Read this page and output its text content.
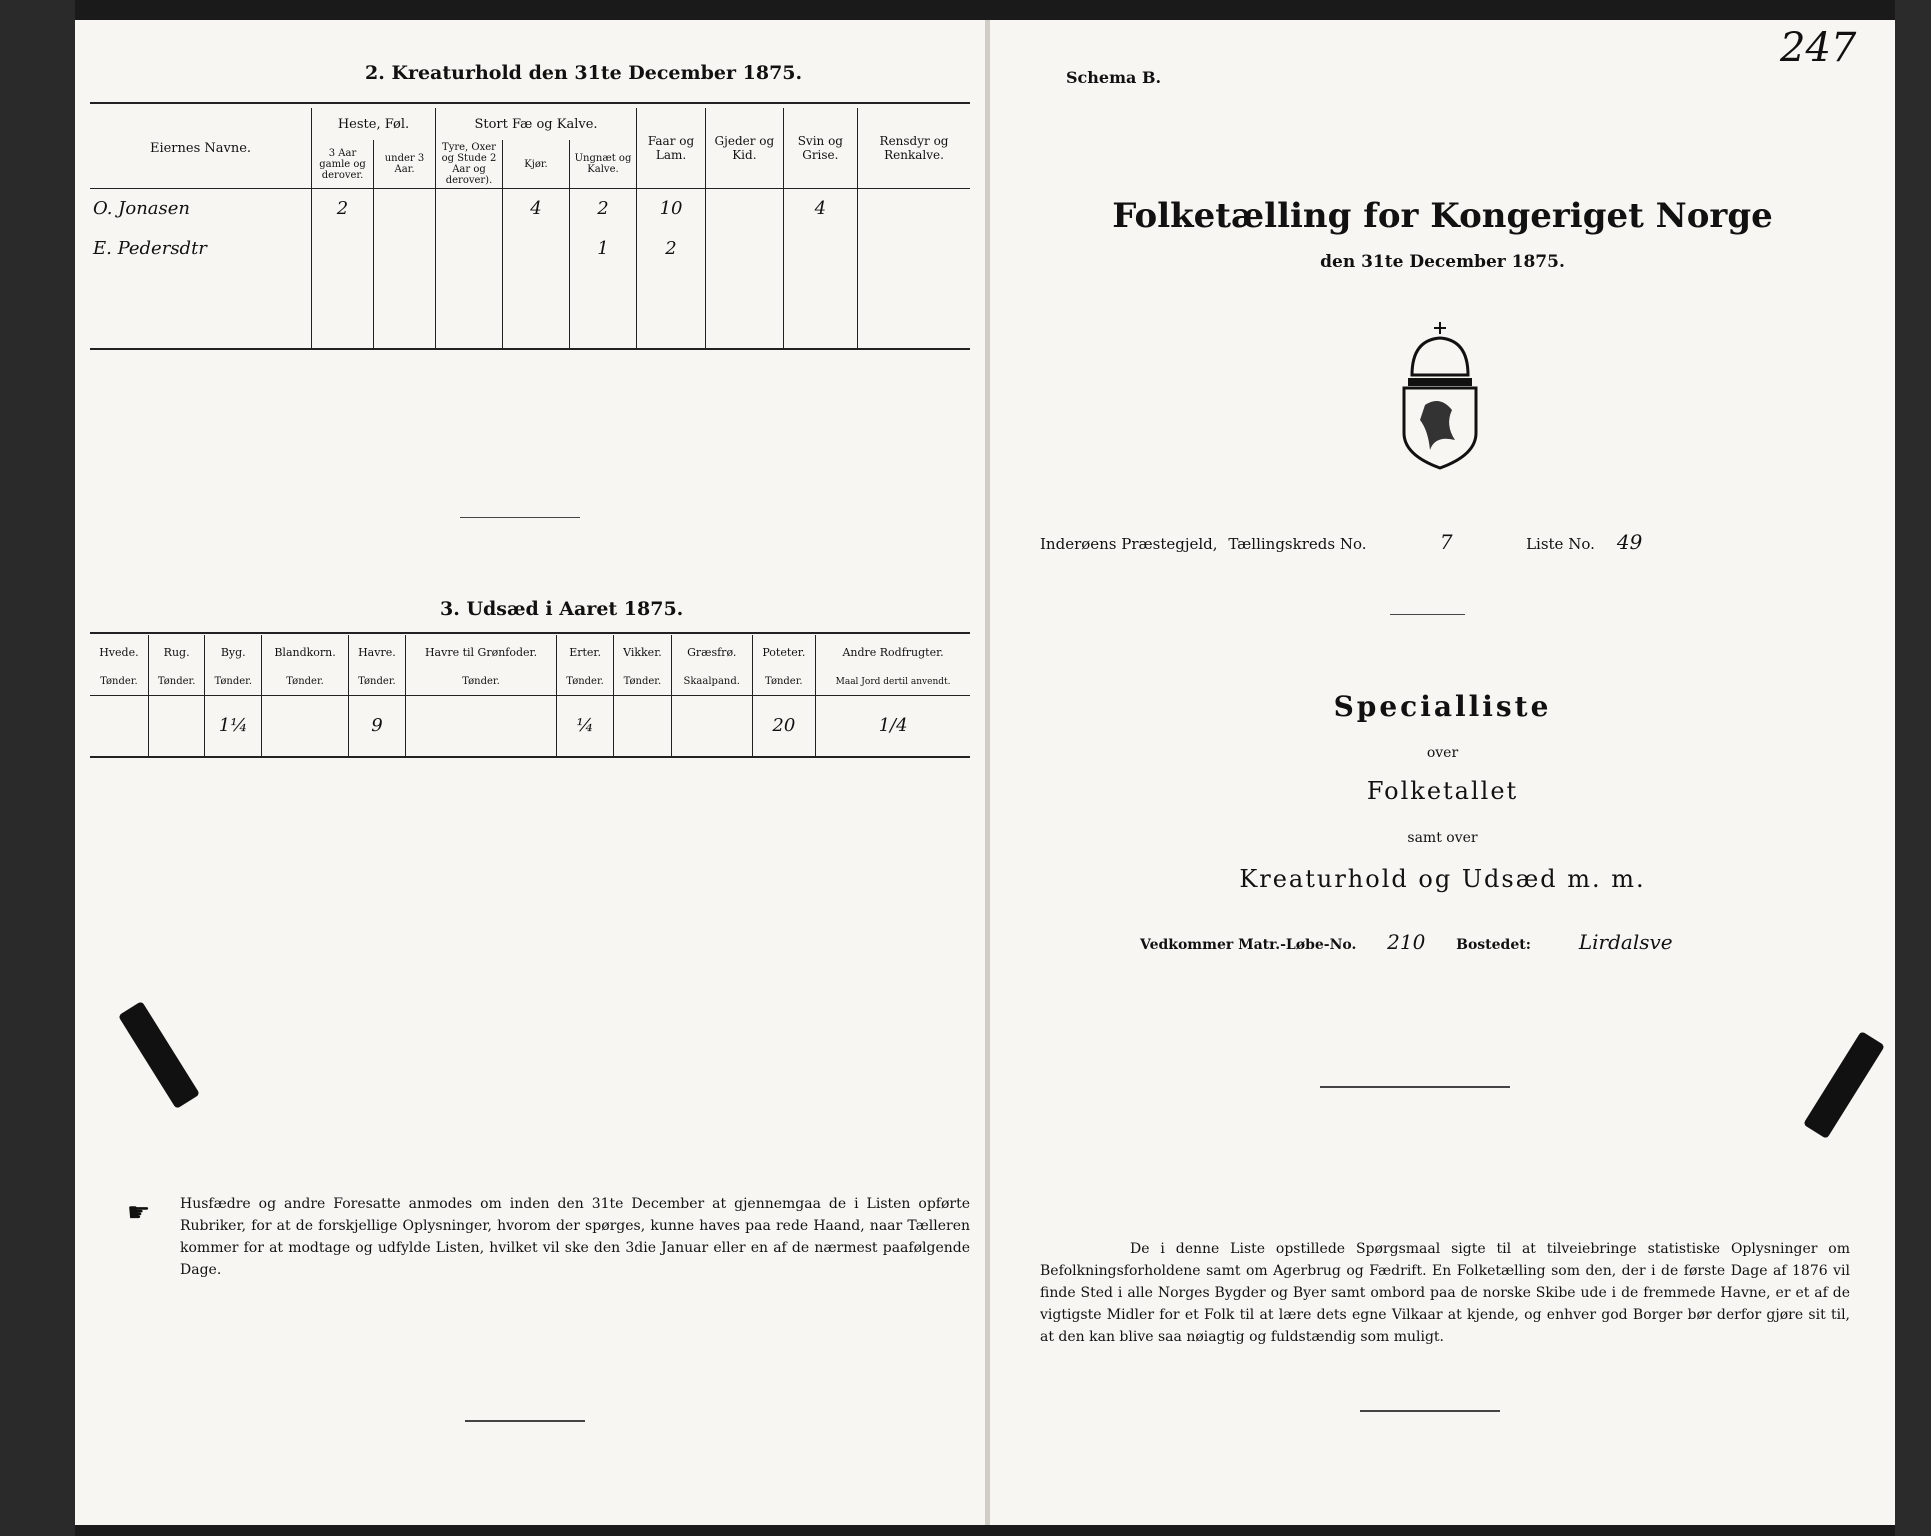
2. Kreaturhold den 31te December 1875.
Eiernes Navne.	Heste, Føl.		Stort Fæ og Kalve.			Faar og Lam.	Gjeder og Kid.	Svin og Grise.	Rensdyr og Renkalve.
	3 Aar gamle og derover.	under 3 Aar.	Tyre, Oxer og Stude 2 Aar og derover).	Kjør.	Ungnæt og Kalve.				
O. Jonasen	2			4	2	10		4	
E. Pedersdtr					1	2			

3. Udsæd i Aaret 1875.
Hvede.	Rug.	Byg.	Blandkorn.	Havre.	Havre til Grønfoder.	Erter.	Vikker.	Græsfrø.	Poteter.	Andre Rodfrugter.
Tønder.	Tønder.	Tønder.	Tønder.	Tønder.	Tønder.	Tønder.	Tønder.	Skaalpand.	Tønder.	Maal Jord dertil anvendt.
		1¼		9		¼			20	1/4
☛ Husfædre og andre Foresatte anmodes om inden den 31te December at gjennemgaa de i Listen opførte Rubriker, for at de forskjellige Oplysninger, hvorom der spørges, kunne haves paa rede Haand, naar Tælleren kommer for at modtage og udfylde Listen, hvilket vil ske den 3die Januar eller en af de nærmest paafølgende Dage.
247
Schema B.
Folketælling for Kongeriget Norge
den 31te December 1875.
Inderøens Præstegjeld, Tællingskreds No.	7	Liste No. 49
Specialliste
over
Folketallet
samt over
Kreaturhold og Udsæd m. m.
Vedkommer Matr.-Løbe-No. 210 Bostedet: Lirdalsve
De i denne Liste opstillede Spørgsmaal sigte til at tilveiebringe statistiske Oplysninger om Befolkningsforholdene samt om Agerbrug og Fædrift. En Folketælling som den, der i de første Dage af 1876 vil finde Sted i alle Norges Bygder og Byer samt ombord paa de norske Skibe ude i de fremmede Havne, er et af de vigtigste Midler for et Folk til at lære dets egne Vilkaar at kjende, og enhver god Borger bør derfor gjøre sit til, at den kan blive saa nøiagtig og fuldstændig som muligt.
